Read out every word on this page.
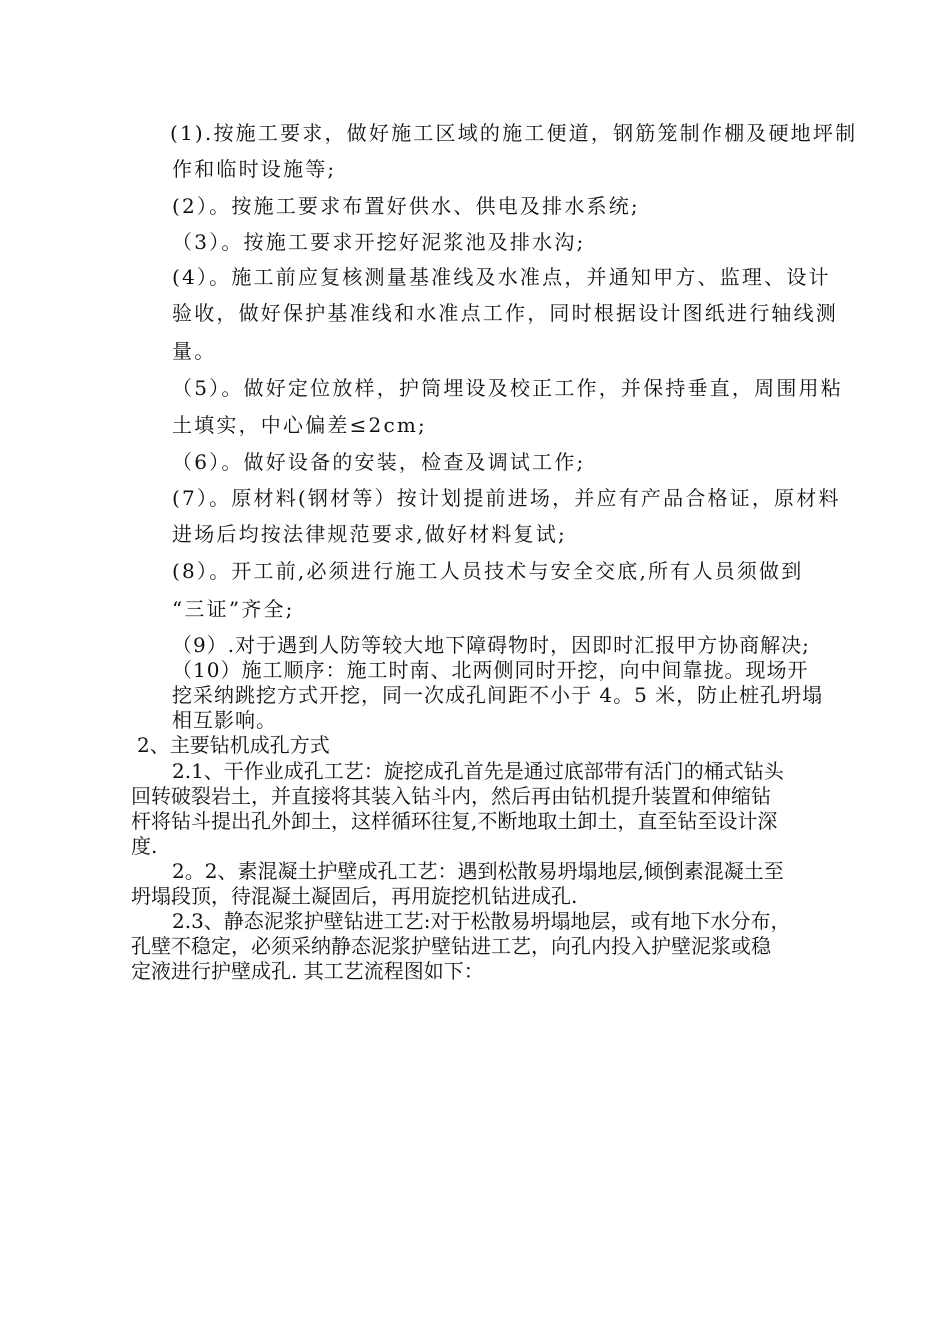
(1).按施工要求，做好施工区域的施工便道，钢筋笼制作棚及硬地坪制
作和临时设施等;
(2）。按施工要求布置好供水、供电及排水系统;
（3）。按施工要求开挖好泥浆池及排水沟;
(4）。施工前应复核测量基准线及水准点，并通知甲方、监理、设计
验收，做好保护基准线和水准点工作，同时根据设计图纸进行轴线测
量。
（5）。做好定位放样，护筒埋设及校正工作，并保持垂直，周围用粘
土填实，中心偏差≤2cm;
（6）。做好设备的安装，检查及调试工作;
(7）。原材料(钢材等）按计划提前进场，并应有产品合格证，原材料
进场后均按法律规范要求,做好材料复试;
(8）。开工前,必须进行施工人员技术与安全交底,所有人员须做到
“三证”齐全;
（9）.对于遇到人防等较大地下障碍物时，因即时汇报甲方协商解决;
（10）施工顺序：施工时南、北两侧同时开挖，向中间靠拢。现场开
挖采纳跳挖方式开挖，同一次成孔间距不小于 4。5 米，防止桩孔坍塌
相互影响。
2、主要钻机成孔方式
2.1、干作业成孔工艺：旋挖成孔首先是通过底部带有活门的桶式钻头
回转破裂岩土，并直接将其装入钻斗内，然后再由钻机提升装置和伸缩钻
杆将钻斗提出孔外卸土，这样循环往复,不断地取土卸土，直至钻至设计深
度.
2。2、素混凝土护壁成孔工艺：遇到松散易坍塌地层,倾倒素混凝土至
坍塌段顶，待混凝土凝固后，再用旋挖机钻进成孔.
2.3、静态泥浆护壁钻进工艺:对于松散易坍塌地层，或有地下水分布，
孔壁不稳定，必须采纳静态泥浆护壁钻进工艺，向孔内投入护壁泥浆或稳
定液进行护壁成孔. 其工艺流程图如下：
